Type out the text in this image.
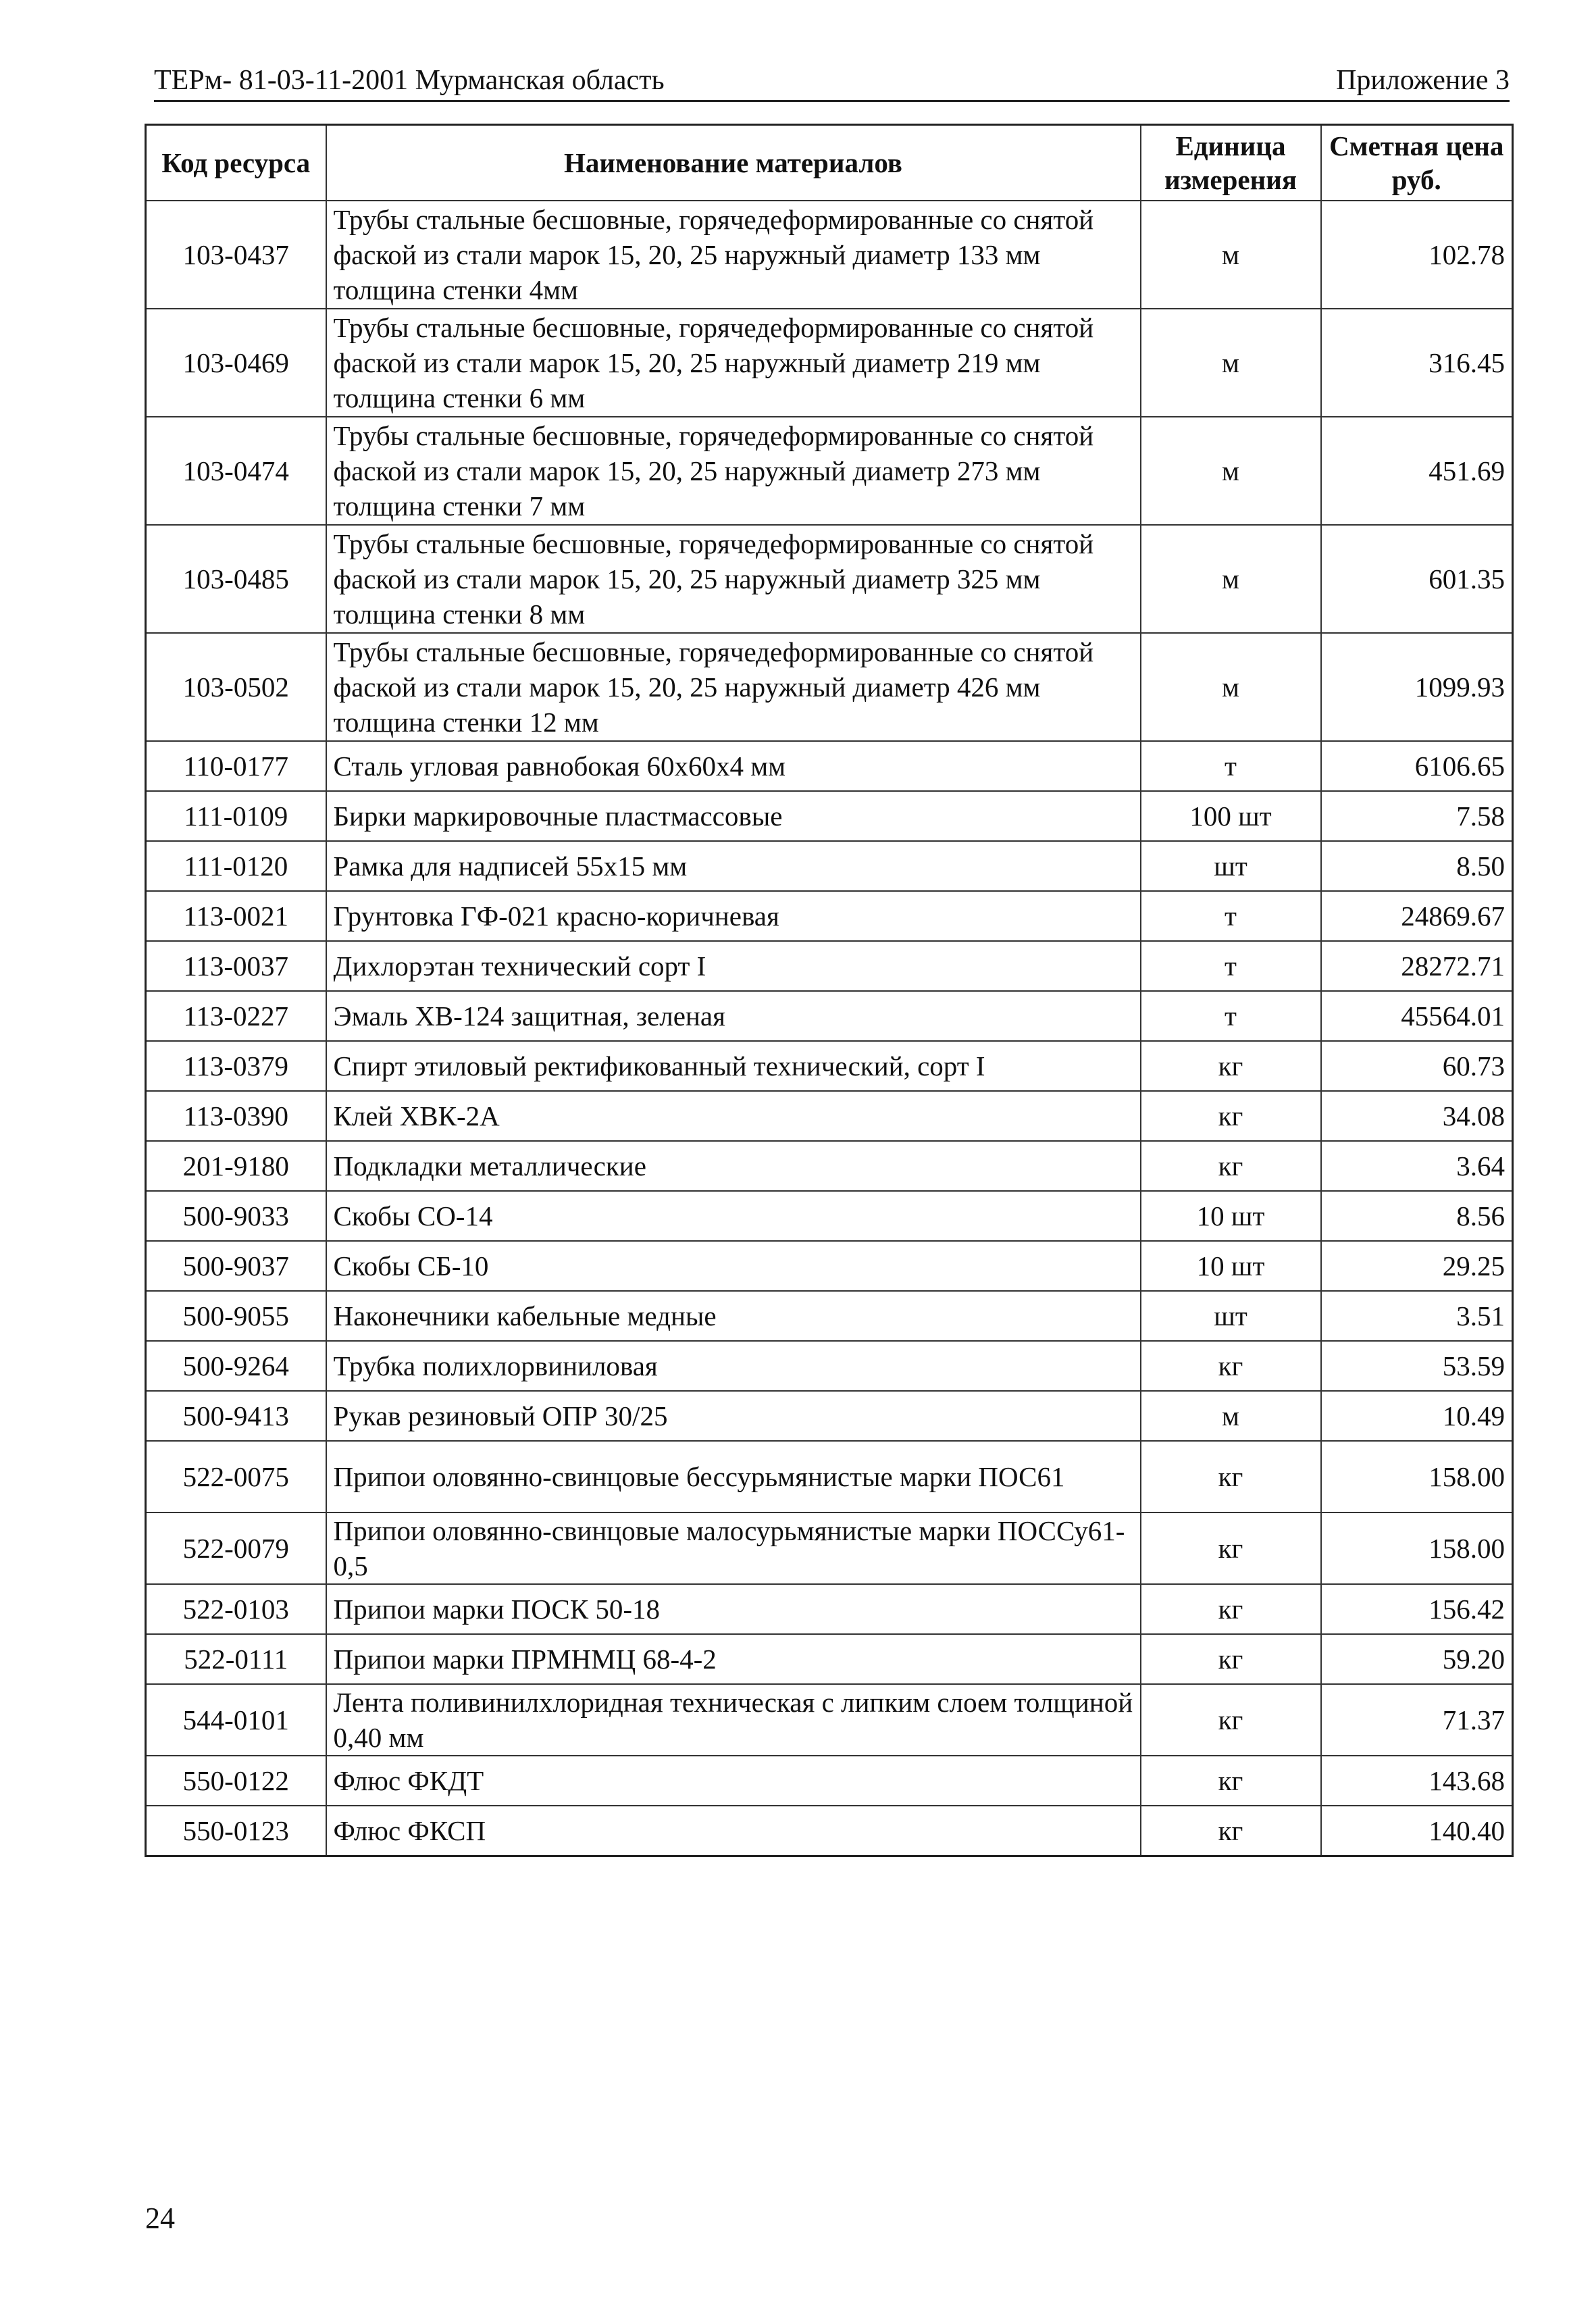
ТЕРм- 81-03-11-2001 Мурманская область	Приложение 3
Код ресурса	Наименование материалов	Единица измерения	Сметная цена руб.
103-0437	Трубы стальные бесшовные, горячедеформированные со снятой фаской из стали марок 15, 20, 25 наружный диаметр 133 мм толщина стенки 4мм	м	102.78
103-0469	Трубы стальные бесшовные, горячедеформированные со снятой фаской из стали марок 15, 20, 25 наружный диаметр 219 мм толщина стенки 6 мм	м	316.45
103-0474	Трубы стальные бесшовные, горячедеформированные со снятой фаской из стали марок 15, 20, 25 наружный диаметр 273 мм толщина стенки 7 мм	м	451.69
103-0485	Трубы стальные бесшовные, горячедеформированные со снятой фаской из стали марок 15, 20, 25 наружный диаметр 325 мм толщина стенки 8 мм	м	601.35
103-0502	Трубы стальные бесшовные, горячедеформированные со снятой фаской из стали марок 15, 20, 25 наружный диаметр 426 мм толщина стенки 12 мм	м	1099.93
110-0177	Сталь угловая равнобокая 60х60х4 мм	т	6106.65
111-0109	Бирки маркировочные пластмассовые	100 шт	7.58
111-0120	Рамка для надписей 55х15 мм	шт	8.50
113-0021	Грунтовка ГФ-021 красно-коричневая	т	24869.67
113-0037	Дихлорэтан технический сорт I	т	28272.71
113-0227	Эмаль ХВ-124 защитная, зеленая	т	45564.01
113-0379	Спирт этиловый ректификованный технический, сорт I	кг	60.73
113-0390	Клей ХВК-2А	кг	34.08
201-9180	Подкладки металлические	кг	3.64
500-9033	Скобы СО-14	10 шт	8.56
500-9037	Скобы СБ-10	10 шт	29.25
500-9055	Наконечники кабельные медные	шт	3.51
500-9264	Трубка полихлорвиниловая	кг	53.59
500-9413	Рукав резиновый ОПР 30/25	м	10.49
522-0075	Припои оловянно-свинцовые бессурьмянистые марки ПОС61	кг	158.00
522-0079	Припои оловянно-свинцовые малосурьмянистые марки ПОССу61-0,5	кг	158.00
522-0103	Припои марки ПОСК 50-18	кг	156.42
522-0111	Припои марки ПРМНМЦ 68-4-2	кг	59.20
544-0101	Лента поливинилхлоридная техническая с липким слоем толщиной 0,40 мм	кг	71.37
550-0122	Флюс ФКДТ	кг	143.68
550-0123	Флюс ФКСП	кг	140.40
24
